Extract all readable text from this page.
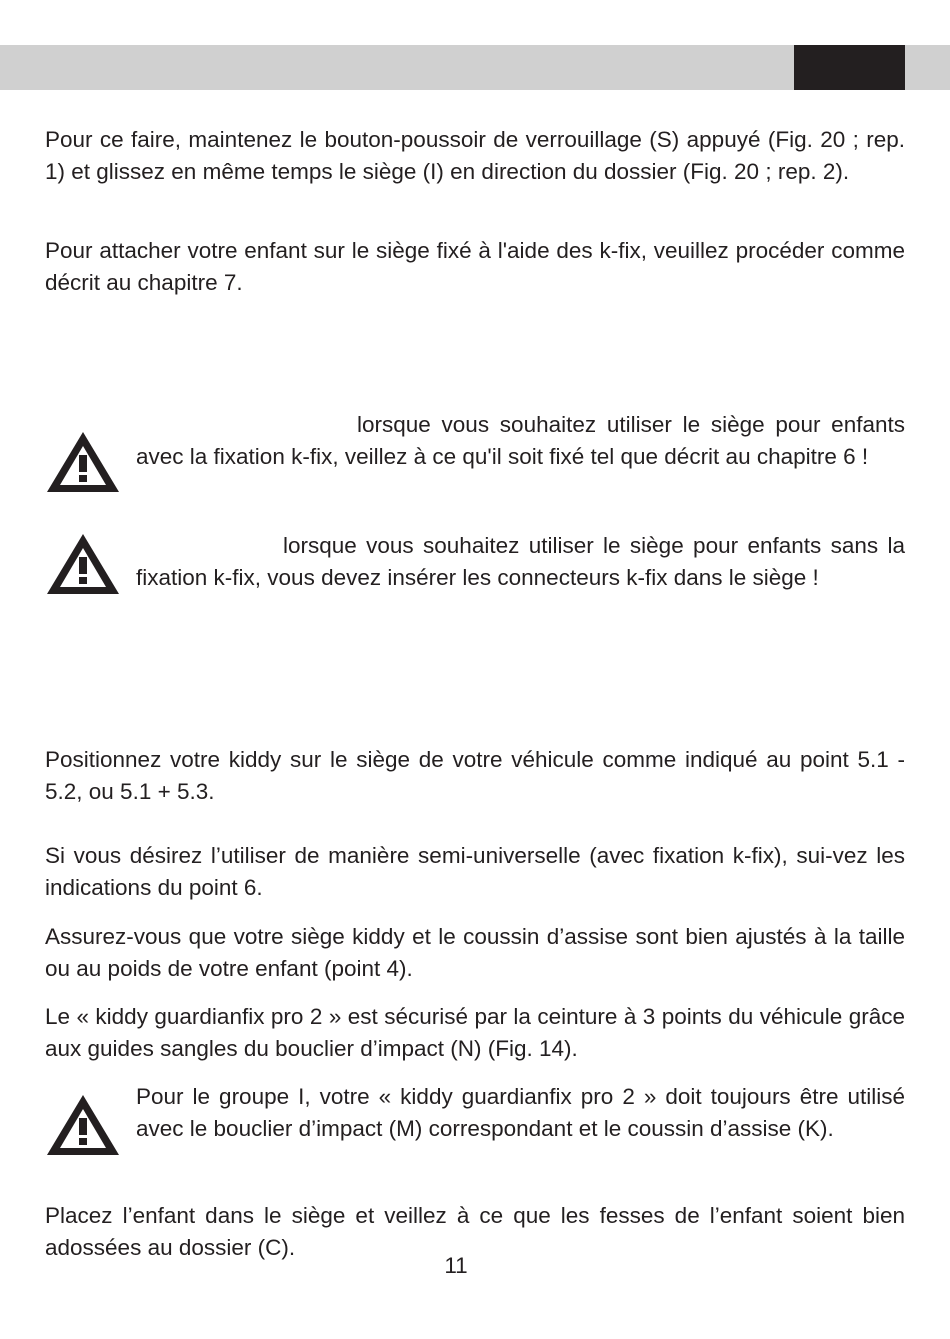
Pour ce faire, maintenez le bouton-poussoir de verrouillage (S) appuyé (Fig. 20 ; rep. 1) et glissez en même temps le siège (I) en direction du dossier (Fig. 20 ; rep. 2).

Pour attacher votre enfant sur le siège fixé à l'aide des k-fix, veuillez procéder comme décrit au chapitre 7.

lorsque vous souhaitez utiliser le siège pour enfants avec la fixation k-fix, veillez à ce qu'il soit fixé tel que décrit au chapitre 6 !

lorsque vous souhaitez utiliser le siège pour enfants sans la fixation k-fix, vous devez insérer les connecteurs k-fix dans le siège !

Positionnez votre kiddy sur le siège de votre véhicule comme indiqué au point 5.1 - 5.2, ou 5.1 + 5.3.

Si vous désirez l’utiliser de manière semi-universelle (avec fixation k-fix), sui-vez les indications du point 6.

Assurez-vous que votre siège kiddy et le coussin d’assise sont bien ajustés à la taille ou au poids de votre enfant (point 4).

Le « kiddy guardianfix pro 2 » est sécurisé par la ceinture à 3 points du véhicule grâce aux guides sangles du bouclier d’impact (N) (Fig. 14).

Pour le groupe I, votre « kiddy guardianfix pro 2 » doit toujours être utilisé avec le bouclier d’impact (M) correspondant et le coussin d’assise (K).

Placez l’enfant dans le siège et veillez à ce que les fesses de l’enfant soient bien adossées au dossier (C).

11
